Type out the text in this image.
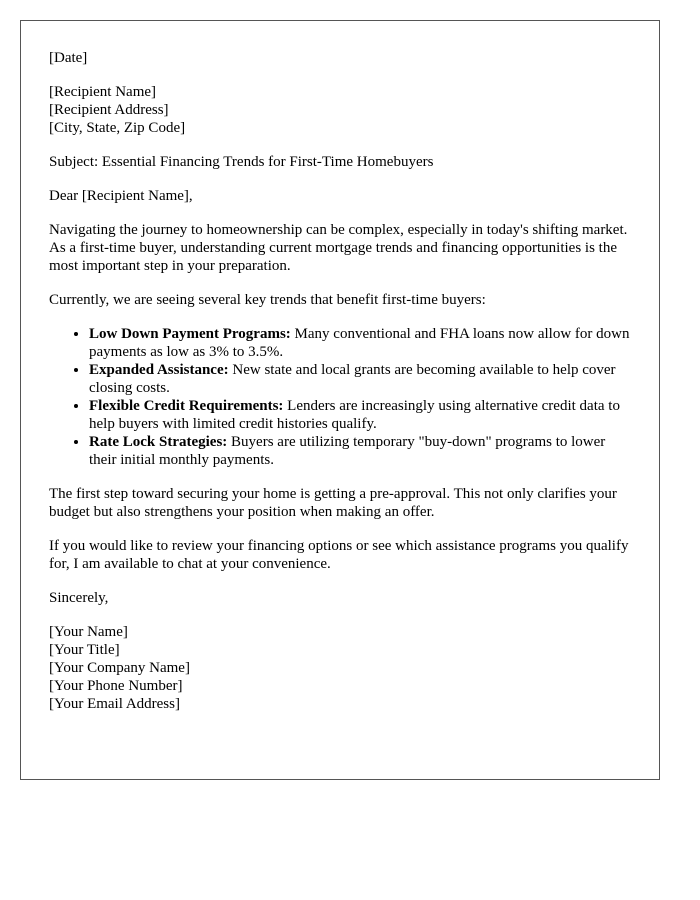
[Date]

[Recipient Name]
[Recipient Address]
[City, State, Zip Code]

Subject: Essential Financing Trends for First-Time Homebuyers

Dear [Recipient Name],

Navigating the journey to homeownership can be complex, especially in today's shifting market. As a first-time buyer, understanding current mortgage trends and financing opportunities is the most important step in your preparation.

Currently, we are seeing several key trends that benefit first-time buyers:

• Low Down Payment Programs: Many conventional and FHA loans now allow for down payments as low as 3% to 3.5%.
• Expanded Assistance: New state and local grants are becoming available to help cover closing costs.
• Flexible Credit Requirements: Lenders are increasingly using alternative credit data to help buyers with limited credit histories qualify.
• Rate Lock Strategies: Buyers are utilizing temporary "buy-down" programs to lower their initial monthly payments.

The first step toward securing your home is getting a pre-approval. This not only clarifies your budget but also strengthens your position when making an offer.

If you would like to review your financing options or see which assistance programs you qualify for, I am available to chat at your convenience.

Sincerely,

[Your Name]
[Your Title]
[Your Company Name]
[Your Phone Number]
[Your Email Address]
